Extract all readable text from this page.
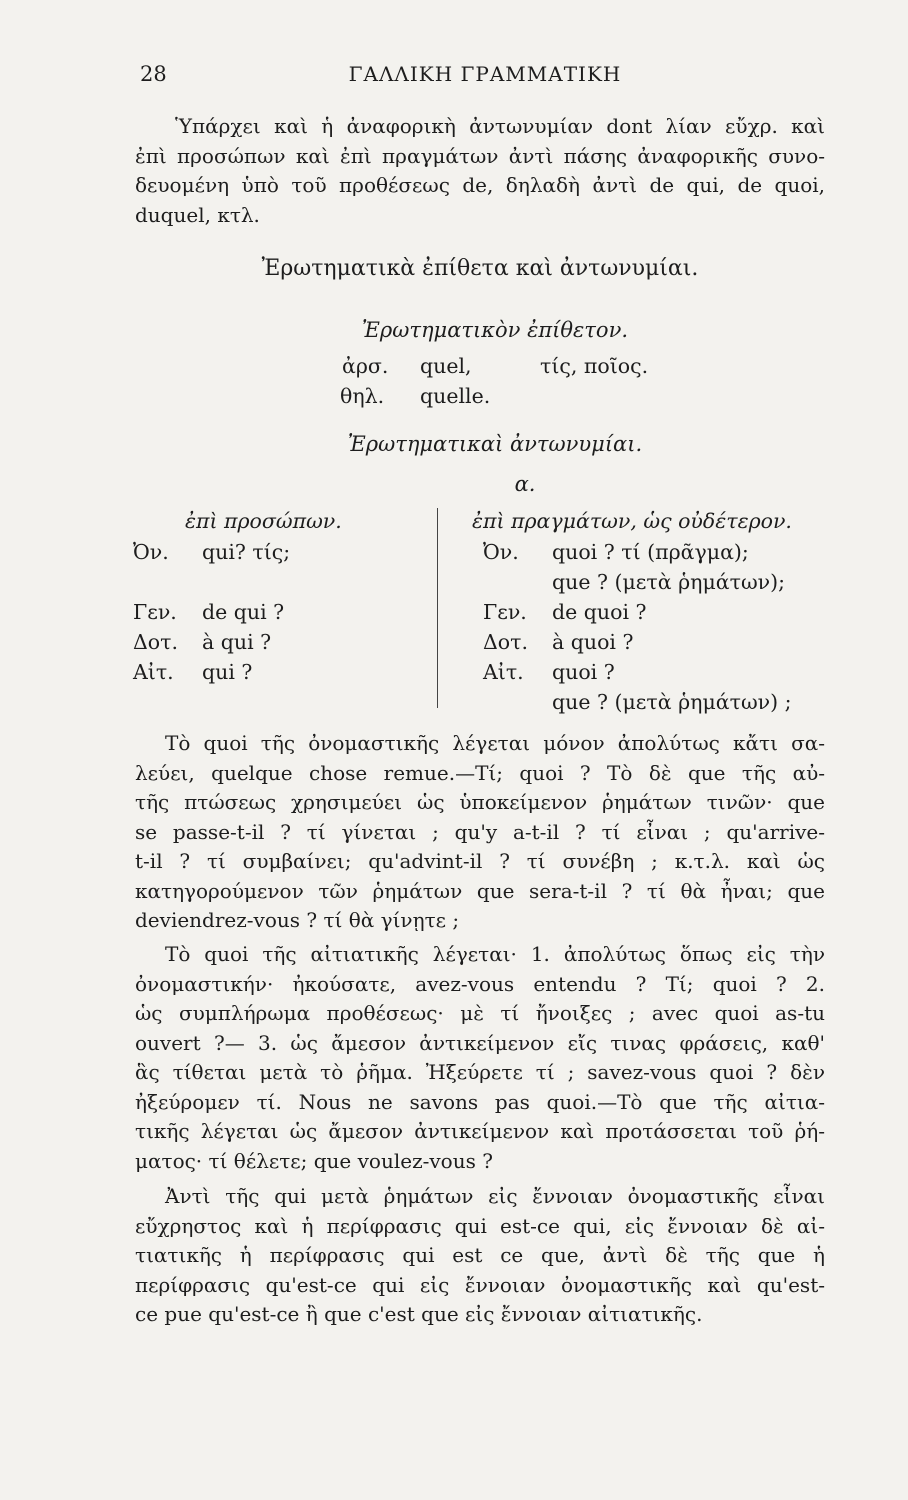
28	ΓΑΛΛΙΚΗ ΓΡΑΜΜΑΤΙΚΗ
Ὑπάρχει καὶ ἡ ἀναφορικὴ ἀντωνυμίαν dont λίαν εὔχρ. καὶ
ἐπὶ προσώπων καὶ ἐπὶ πραγμάτων ἀντὶ πάσης ἀναφορικῆς συνο-
δευομένη ὑπὸ τοῦ προθέσεως de, δηλαδὴ ἀντὶ de qui, de quoi,
duquel, κτλ.
Ἐρωτηματικὰ ἐπίθετα καὶ ἀντωνυμίαι.
Ἐρωτηματικὸν ἐπίθετον.
ἀρσ. quel,	τίς, ποῖος.
θηλ. quelle.
Ἐρωτηματικαὶ ἀντωνυμίαι.
α.
ἐπὶ προσώπων.
Ὀν. qui? τίς;
Γεν. de qui ?
Δοτ. à qui ?
Αἰτ. qui ?
ἐπὶ πραγμάτων, ὡς οὐδέτερον.
Ὀν. quoi ? τί (πρᾶγμα);
que ? (μετὰ ῥημάτων);
Γεν. de quoi ?
Δοτ. à quoi ?
Αἰτ. quoi ?
que ? (μετὰ ῥημάτων) ;
Τὸ quoi τῆς ὀνομαστικῆς λέγεται μόνον ἀπολύτως κἄτι σα-
λεύει, quelque chose remue.—Τί; quoi ? Τὸ δὲ que τῆς αὐ-
τῆς πτώσεως χρησιμεύει ὡς ὑποκείμενον ῥημάτων τινῶν· que
se passe-t-il ? τί γίνεται ; qu'y a-t-il ? τί εἶναι ; qu'arrive-
t-il ? τί συμβαίνει; qu'advint-il ? τί συνέβη ; κ.τ.λ. καὶ ὡς
κατηγορούμενον τῶν ῥημάτων que sera-t-il ? τί θὰ ἦναι; que
deviendrez-vous ? τί θὰ γίνῃτε ;
Τὸ quoi τῆς αἰτιατικῆς λέγεται· 1. ἀπολύτως ὅπως εἰς τὴν
ὀνομαστικήν· ἠκούσατε, avez-vous entendu ? Τί; quoi ? 2.
ὡς συμπλήρωμα προθέσεως· μὲ τί ἤνοιξες ; avec quoi as-tu
ouvert ?— 3. ὡς ἄμεσον ἀντικείμενον εἴς τινας φράσεις, καθ'
ἃς τίθεται μετὰ τὸ ῥῆμα. Ἠξεύρετε τί ; savez-vous quoi ? δὲν
ἠξεύρομεν τί. Nous ne savons pas quoi.—Τὸ que τῆς αἰτια-
τικῆς λέγεται ὡς ἄμεσον ἀντικείμενον καὶ προτάσσεται τοῦ ῥή-
ματος· τί θέλετε; que voulez-vous ?
Ἀντὶ τῆς qui μετὰ ῥημάτων εἰς ἔννοιαν ὀνομαστικῆς εἶναι
εὔχρηστος καὶ ἡ περίφρασις qui est-ce qui, εἰς ἔννοιαν δὲ αἰ-
τιατικῆς ἡ περίφρασις qui est ce que, ἀντὶ δὲ τῆς que ἡ
περίφρασις qu'est-ce qui εἰς ἔννοιαν ὀνομαστικῆς καὶ qu'est-
ce pue qu'est-ce ἢ que c'est que εἰς ἔννοιαν αἰτιατικῆς.
